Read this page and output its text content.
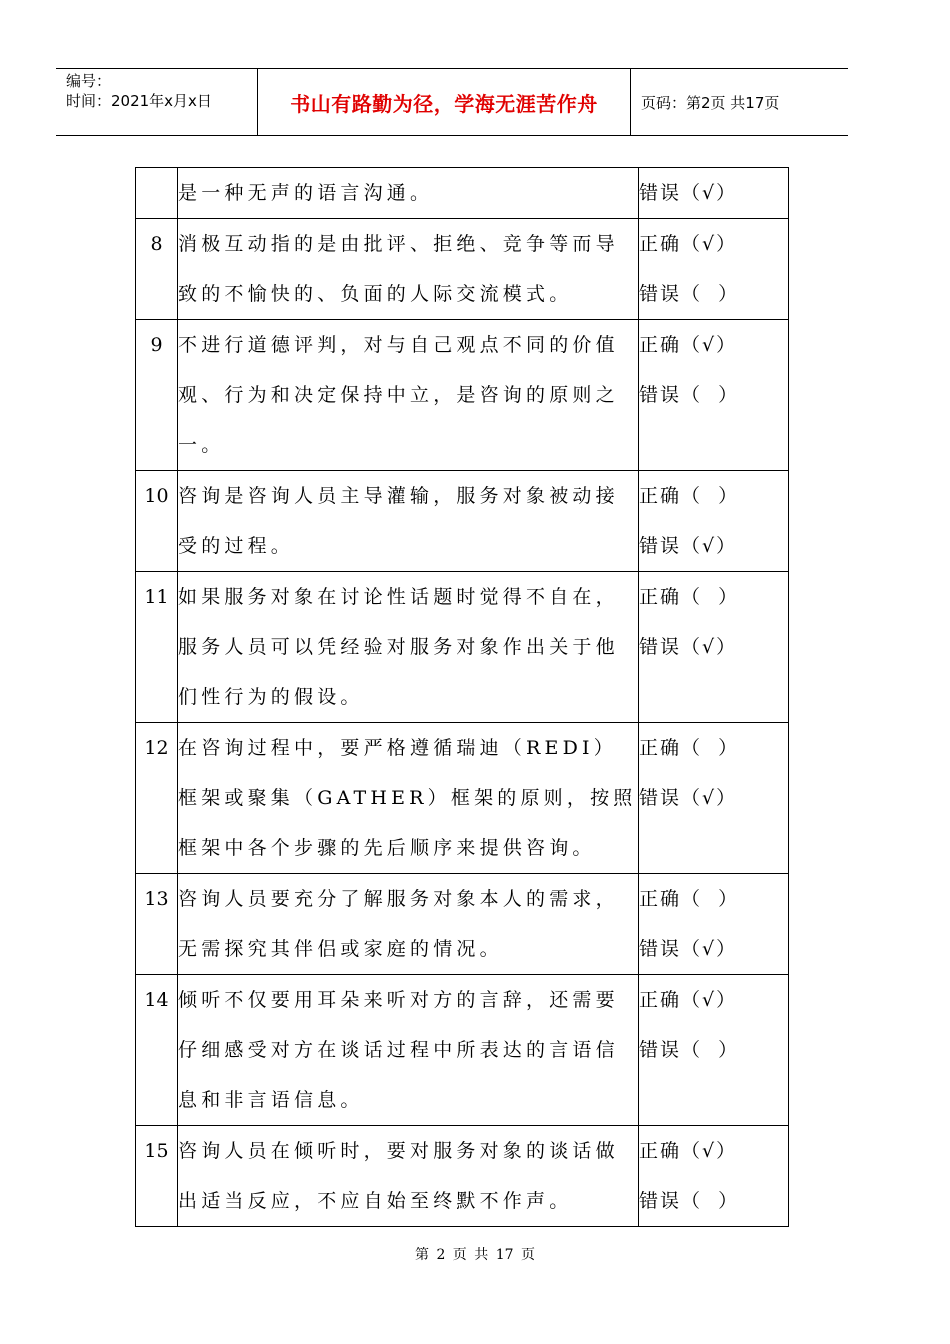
编号：
时间：2021年x月x日	书山有路勤为径，学海无涯苦作舟	页码：第2页 共17页
	是一种无声的语言沟通。	错误（√）

8	消极互动指的是由批评、拒绝、竞争等而导致的不愉快的、负面的人际交流模式。	正确（√）
错误（  ）

9	不进行道德评判，对与自己观点不同的价值观、行为和决定保持中立，是咨询的原则之一。	正确（√）
错误（  ）

10	咨询是咨询人员主导灌输，服务对象被动接受的过程。	正确（  ）
错误（√）

11	如果服务对象在讨论性话题时觉得不自在，服务人员可以凭经验对服务对象作出关于他们性行为的假设。	正确（  ）
错误（√）

12	在咨询过程中，要严格遵循瑞迪（REDI）框架或聚集（GATHER）框架的原则，按照框架中各个步骤的先后顺序来提供咨询。	正确（  ）
错误（√）

13	咨询人员要充分了解服务对象本人的需求，无需探究其伴侣或家庭的情况。	正确（  ）
错误（√）

14	倾听不仅要用耳朵来听对方的言辞，还需要仔细感受对方在谈话过程中所表达的言语信息和非言语信息。	正确（√）
错误（  ）

15	咨询人员在倾听时，要对服务对象的谈话做出适当反应，不应自始至终默不作声。	正确（√）
错误（  ）
第 2 页 共 17 页
